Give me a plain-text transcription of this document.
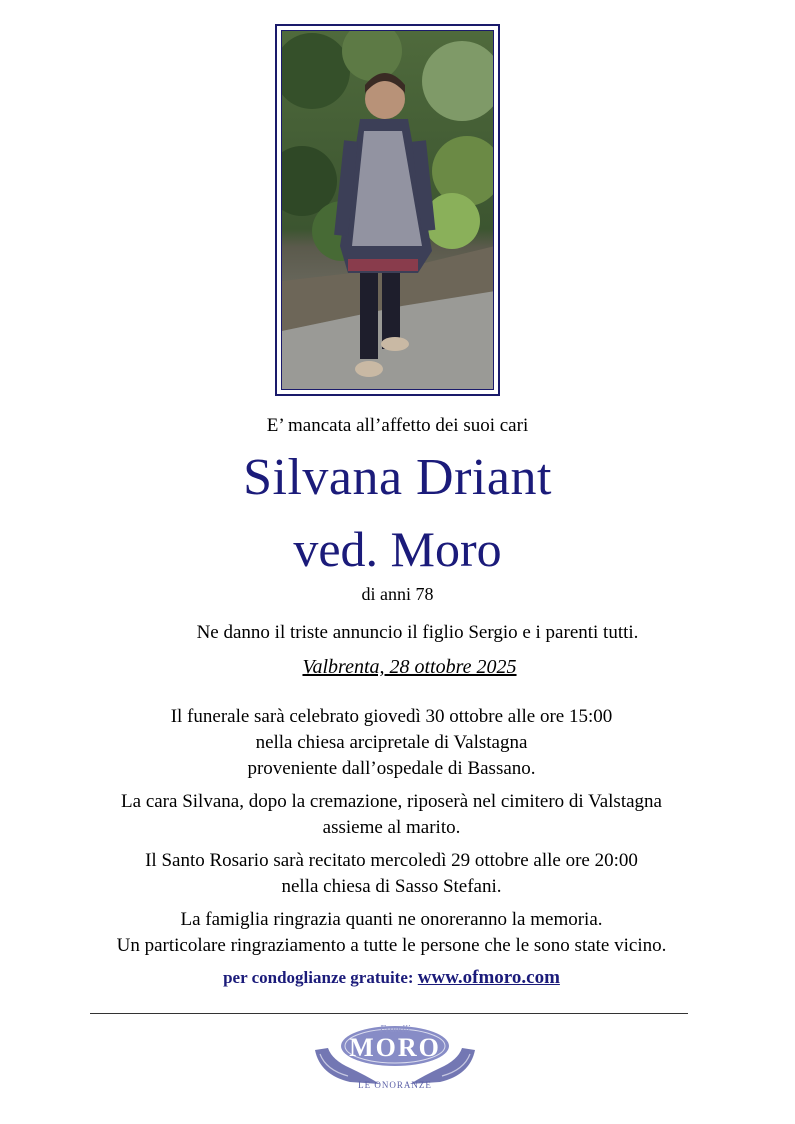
E’ mancata all’affetto dei suoi cari
Silvana Driant
ved. Moro
di anni 78
Ne danno il triste annuncio il figlio Sergio e i parenti tutti.
Valbrenta, 28 ottobre 2025
Il funerale sarà celebrato giovedì 30 ottobre alle ore 15:00
nella chiesa arcipretale di Valstagna
proveniente dall’ospedale di Bassano.
La cara Silvana, dopo la cremazione, riposerà nel cimitero di Valstagna
assieme al marito.
Il Santo Rosario sarà recitato mercoledì 29 ottobre alle ore 20:00
nella chiesa di Sasso Stefani.
La famiglia ringrazia quanti ne onoreranno la memoria.
Un particolare ringraziamento a tutte le persone che le sono state vicino.
per condoglianze gratuite: www.ofmoro.com
Fratelli
MORO
LE ONORANZE
